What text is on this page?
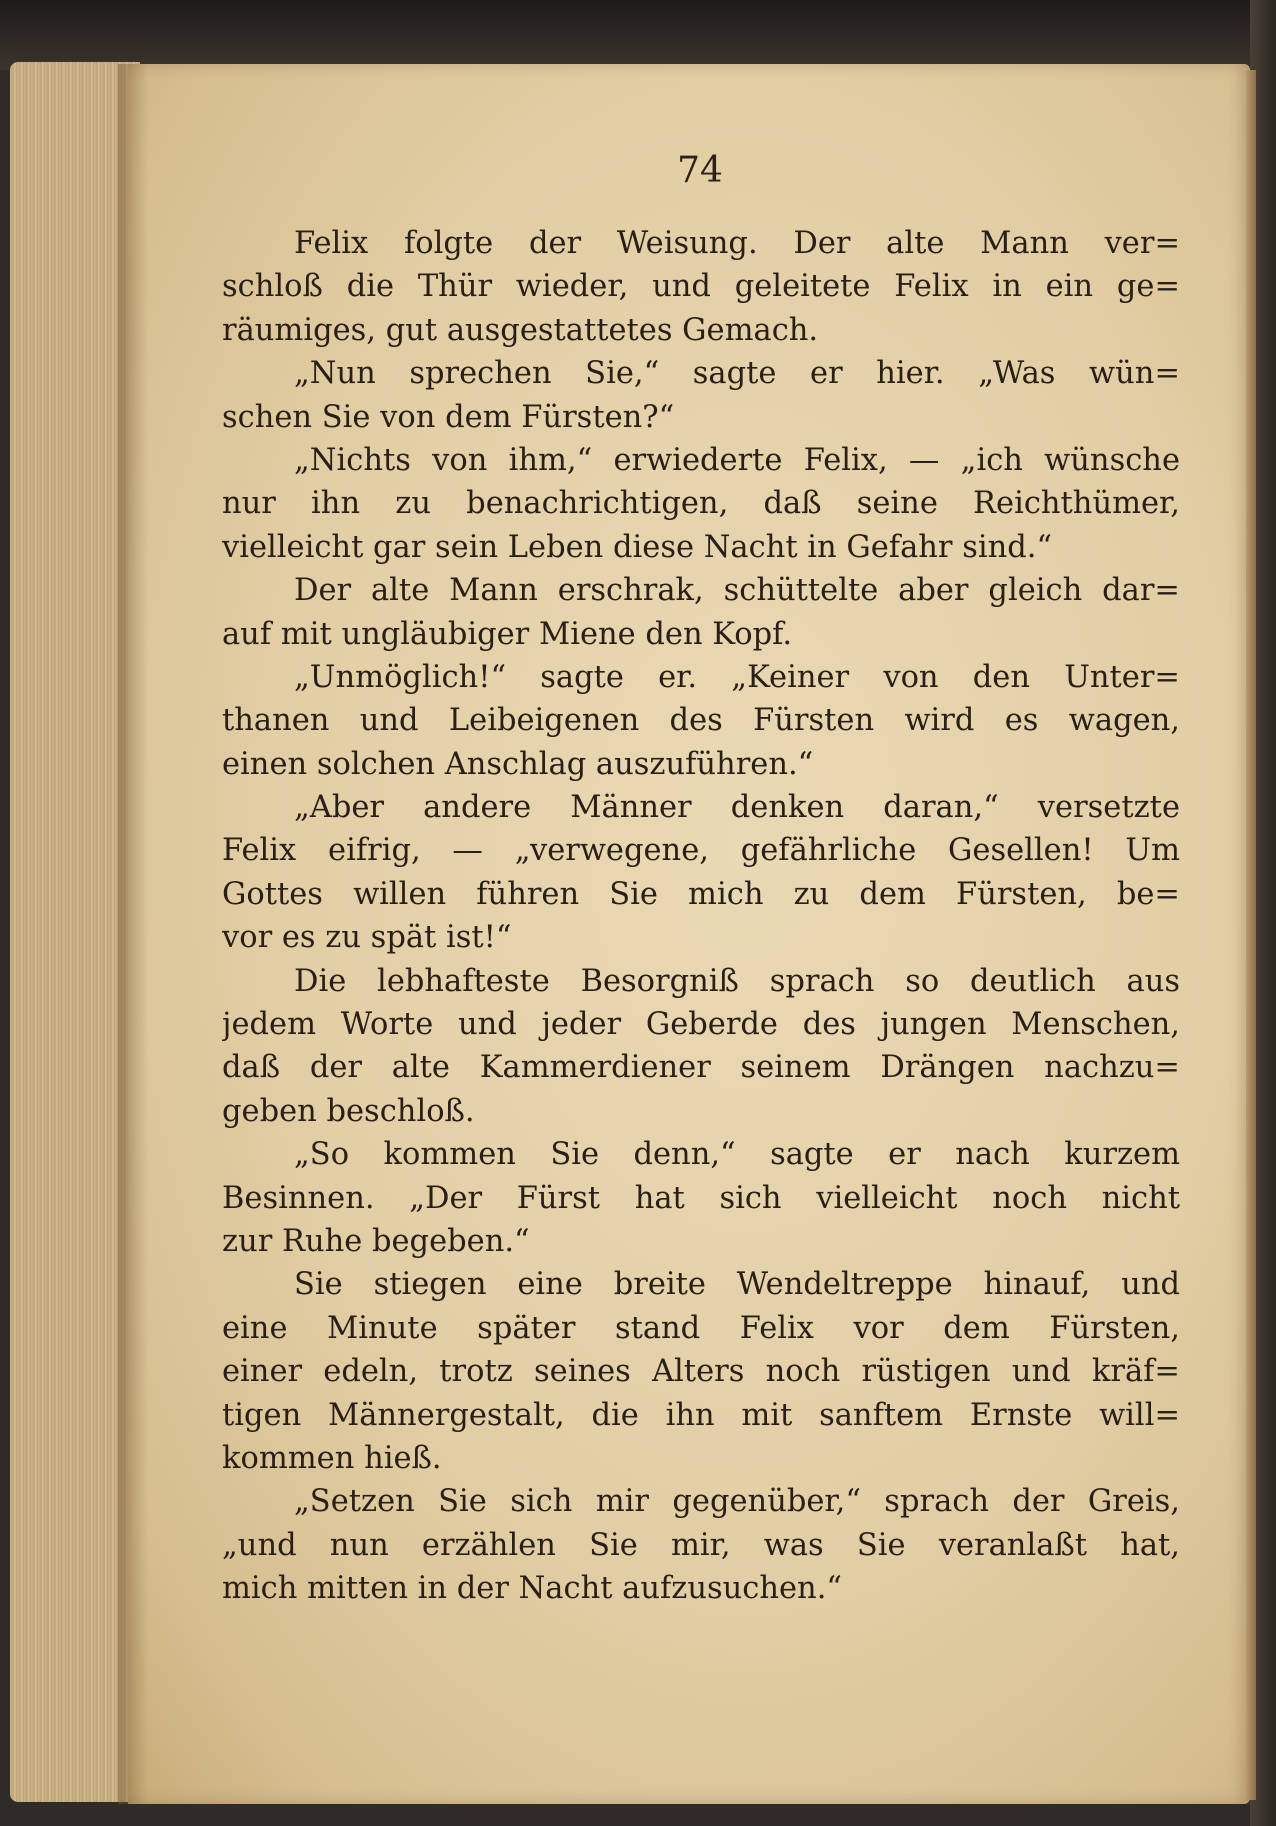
74
Felix folgte der Weisung. Der alte Mann ver=
schloß die Thür wieder, und geleitete Felix in ein ge=
räumiges, gut ausgestattetes Gemach.
„Nun sprechen Sie,“ sagte er hier. „Was wün=
schen Sie von dem Fürsten?“
„Nichts von ihm,“ erwiederte Felix, — „ich wünsche
nur ihn zu benachrichtigen, daß seine Reichthümer,
vielleicht gar sein Leben diese Nacht in Gefahr sind.“
Der alte Mann erschrak, schüttelte aber gleich dar=
auf mit ungläubiger Miene den Kopf.
„Unmöglich!“ sagte er. „Keiner von den Unter=
thanen und Leibeigenen des Fürsten wird es wagen,
einen solchen Anschlag auszuführen.“
„Aber andere Männer denken daran,“ versetzte
Felix eifrig, — „verwegene, gefährliche Gesellen! Um
Gottes willen führen Sie mich zu dem Fürsten, be=
vor es zu spät ist!“
Die lebhafteste Besorgniß sprach so deutlich aus
jedem Worte und jeder Geberde des jungen Menschen,
daß der alte Kammerdiener seinem Drängen nachzu=
geben beschloß.
„So kommen Sie denn,“ sagte er nach kurzem
Besinnen. „Der Fürst hat sich vielleicht noch nicht
zur Ruhe begeben.“
Sie stiegen eine breite Wendeltreppe hinauf, und
eine Minute später stand Felix vor dem Fürsten,
einer edeln, trotz seines Alters noch rüstigen und kräf=
tigen Männergestalt, die ihn mit sanftem Ernste will=
kommen hieß.
„Setzen Sie sich mir gegenüber,“ sprach der Greis,
„und nun erzählen Sie mir, was Sie veranlaßt hat,
mich mitten in der Nacht aufzusuchen.“
